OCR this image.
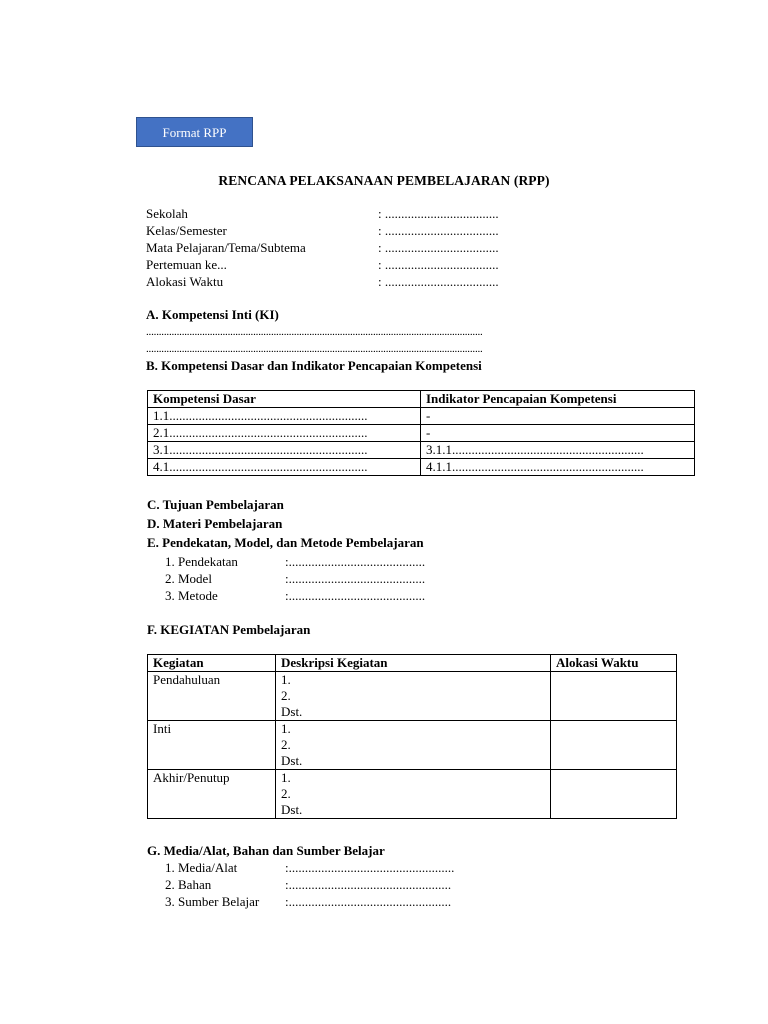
Format RPP
RENCANA PELAKSANAAN PEMBELAJARAN (RPP)
Sekolah	: ...................................
Kelas/Semester	: ...................................
Mata Pelajaran/Tema/Subtema	: ...................................
Pertemuan ke...	: ...................................
Alokasi Waktu	: ...................................
A. Kompetensi Inti (KI)
....................................................................................................................................
....................................................................................................................................
B. Kompetensi Dasar dan Indikator Pencapaian Kompetensi
Kompetensi Dasar	Indikator Pencapaian Kompetensi
1.1.............................................................	-
2.1.............................................................	-
3.1.............................................................	3.1.1...........................................................
4.1.............................................................	4.1.1...........................................................
C. Tujuan Pembelajaran
D. Materi Pembelajaran
E. Pendekatan, Model, dan Metode Pembelajaran
1. Pendekatan	:..........................................
2. Model	:..........................................
3. Metode	:..........................................
F. KEGIATAN Pembelajaran
Kegiatan	Deskripsi Kegiatan	Alokasi Waktu
Pendahuluan	1.
2.
Dst.	

Inti	1.
2.
Dst.	

Akhir/Penutup	1.
2.
Dst.	

G. Media/Alat, Bahan dan Sumber Belajar
1. Media/Alat	:...................................................
2. Bahan	:..................................................
3. Sumber Belajar :..................................................
